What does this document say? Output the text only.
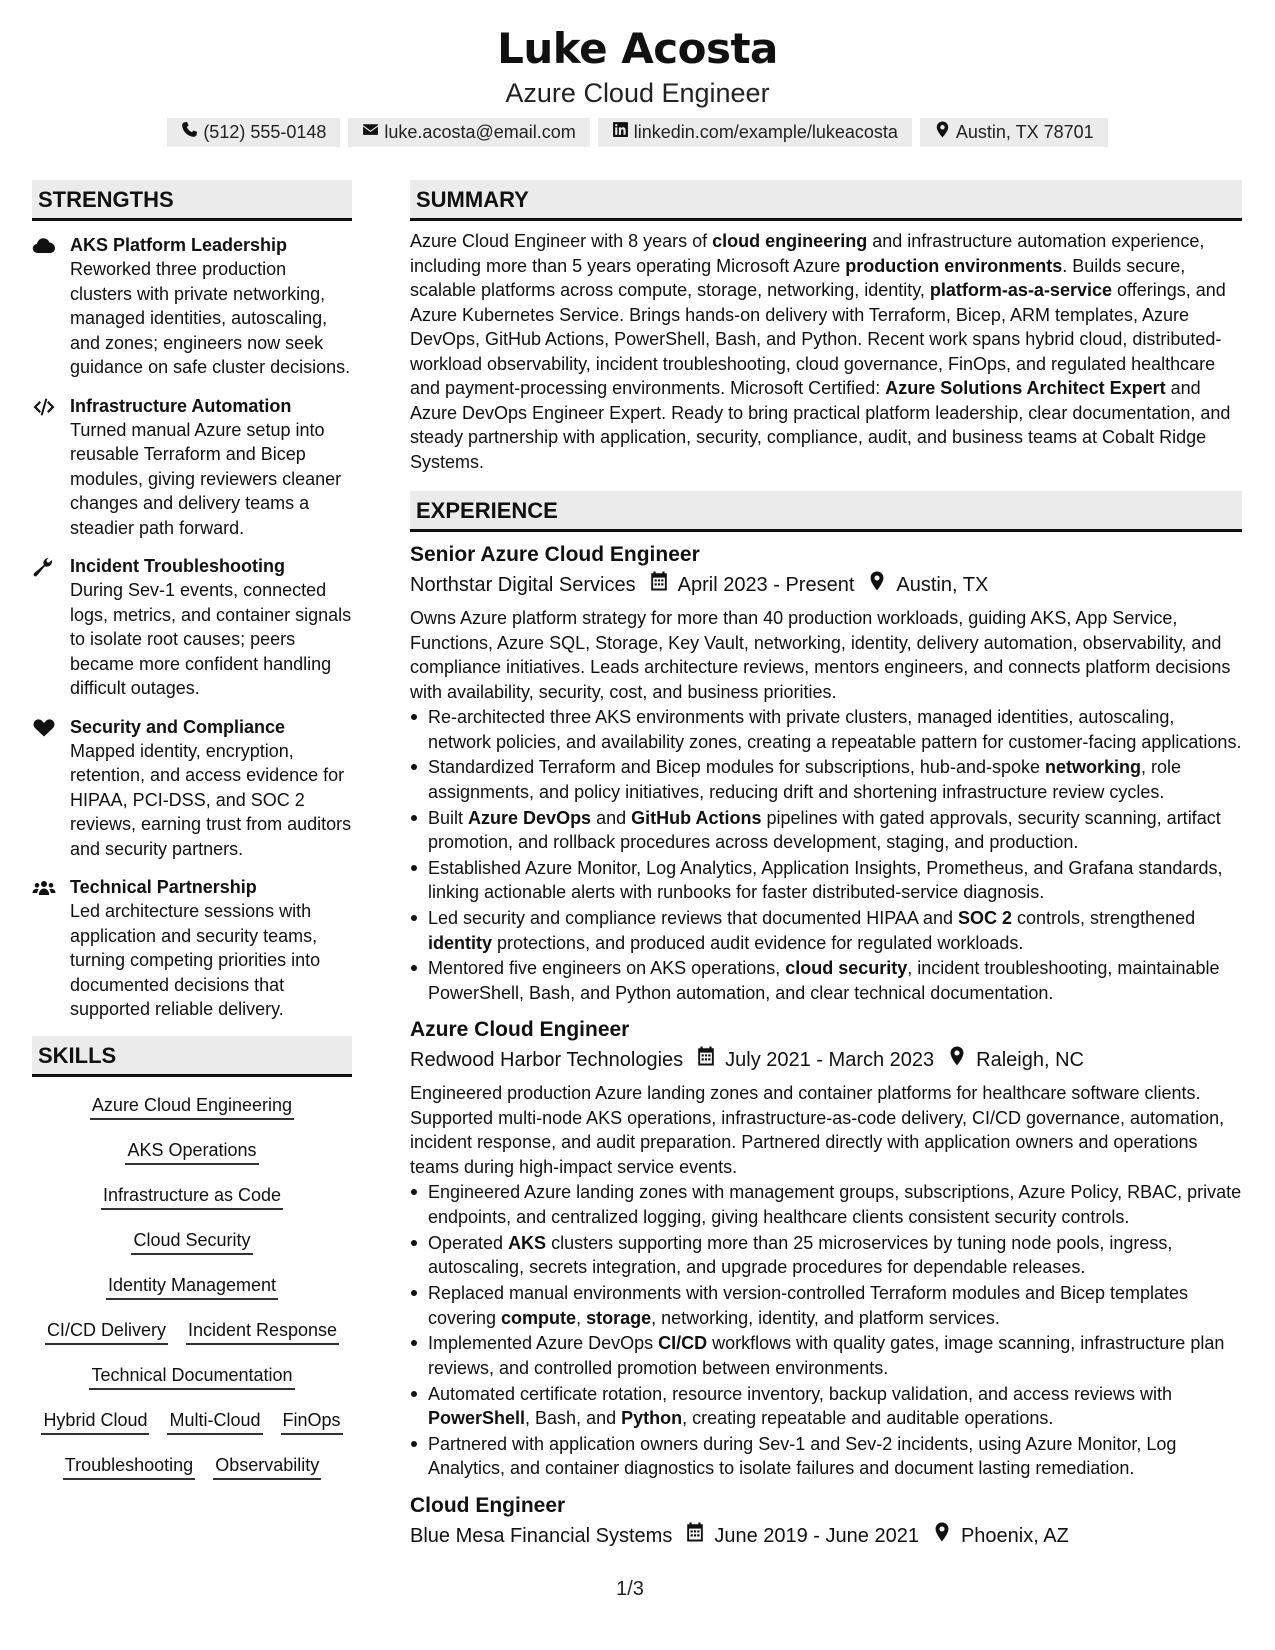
Luke Acosta
Azure Cloud Engineer
(512) 555-0148	luke.acosta@email.com	linkedin.com/example/lukeacosta	Austin, TX 78701
STRENGTHS
AKS Platform Leadership
Reworked three production clusters with private networking, managed identities, autoscaling, and zones; engineers now seek guidance on safe cluster decisions.
Infrastructure Automation
Turned manual Azure setup into reusable Terraform and Bicep modules, giving reviewers cleaner changes and delivery teams a steadier path forward.
Incident Troubleshooting
During Sev-1 events, connected logs, metrics, and container signals to isolate root causes; peers became more confident handling difficult outages.
Security and Compliance
Mapped identity, encryption, retention, and access evidence for HIPAA, PCI-DSS, and SOC 2 reviews, earning trust from auditors and security partners.
Technical Partnership
Led architecture sessions with application and security teams, turning competing priorities into documented decisions that supported reliable delivery.
SKILLS
Azure Cloud Engineering
AKS Operations
Infrastructure as Code
Cloud Security
Identity Management
CI/CD Delivery Incident Response
Technical Documentation
Hybrid Cloud Multi-Cloud FinOps
Troubleshooting Observability
SUMMARY
Azure Cloud Engineer with 8 years of cloud engineering and infrastructure automation experience, including more than 5 years operating Microsoft Azure production environments. Builds secure, scalable platforms across compute, storage, networking, identity, platform-as-a-service offerings, and Azure Kubernetes Service. Brings hands-on delivery with Terraform, Bicep, ARM templates, Azure DevOps, GitHub Actions, PowerShell, Bash, and Python. Recent work spans hybrid cloud, distributed-workload observability, incident troubleshooting, cloud governance, FinOps, and regulated healthcare and payment-processing environments. Microsoft Certified: Azure Solutions Architect Expert and Azure DevOps Engineer Expert. Ready to bring practical platform leadership, clear documentation, and steady partnership with application, security, compliance, audit, and business teams at Cobalt Ridge Systems.
EXPERIENCE
Senior Azure Cloud Engineer
Northstar Digital Services April 2023 - Present Austin, TX
Owns Azure platform strategy for more than 40 production workloads, guiding AKS, App Service, Functions, Azure SQL, Storage, Key Vault, networking, identity, delivery automation, observability, and compliance initiatives. Leads architecture reviews, mentors engineers, and connects platform decisions with availability, security, cost, and business priorities.
Re-architected three AKS environments with private clusters, managed identities, autoscaling, network policies, and availability zones, creating a repeatable pattern for customer-facing applications.
Standardized Terraform and Bicep modules for subscriptions, hub-and-spoke networking, role assignments, and policy initiatives, reducing drift and shortening infrastructure review cycles.
Built Azure DevOps and GitHub Actions pipelines with gated approvals, security scanning, artifact promotion, and rollback procedures across development, staging, and production.
Established Azure Monitor, Log Analytics, Application Insights, Prometheus, and Grafana standards, linking actionable alerts with runbooks for faster distributed-service diagnosis.
Led security and compliance reviews that documented HIPAA and SOC 2 controls, strengthened identity protections, and produced audit evidence for regulated workloads.
Mentored five engineers on AKS operations, cloud security, incident troubleshooting, maintainable PowerShell, Bash, and Python automation, and clear technical documentation.
Azure Cloud Engineer
Redwood Harbor Technologies July 2021 - March 2023 Raleigh, NC
Engineered production Azure landing zones and container platforms for healthcare software clients. Supported multi-node AKS operations, infrastructure-as-code delivery, CI/CD governance, automation, incident response, and audit preparation. Partnered directly with application owners and operations teams during high-impact service events.
Engineered Azure landing zones with management groups, subscriptions, Azure Policy, RBAC, private endpoints, and centralized logging, giving healthcare clients consistent security controls.
Operated AKS clusters supporting more than 25 microservices by tuning node pools, ingress, autoscaling, secrets integration, and upgrade procedures for dependable releases.
Replaced manual environments with version-controlled Terraform modules and Bicep templates covering compute, storage, networking, identity, and platform services.
Implemented Azure DevOps CI/CD workflows with quality gates, image scanning, infrastructure plan reviews, and controlled promotion between environments.
Automated certificate rotation, resource inventory, backup validation, and access reviews with PowerShell, Bash, and Python, creating repeatable and auditable operations.
Partnered with application owners during Sev-1 and Sev-2 incidents, using Azure Monitor, Log Analytics, and container diagnostics to isolate failures and document lasting remediation.
Cloud Engineer
Blue Mesa Financial Systems June 2019 - June 2021 Phoenix, AZ
1/3
